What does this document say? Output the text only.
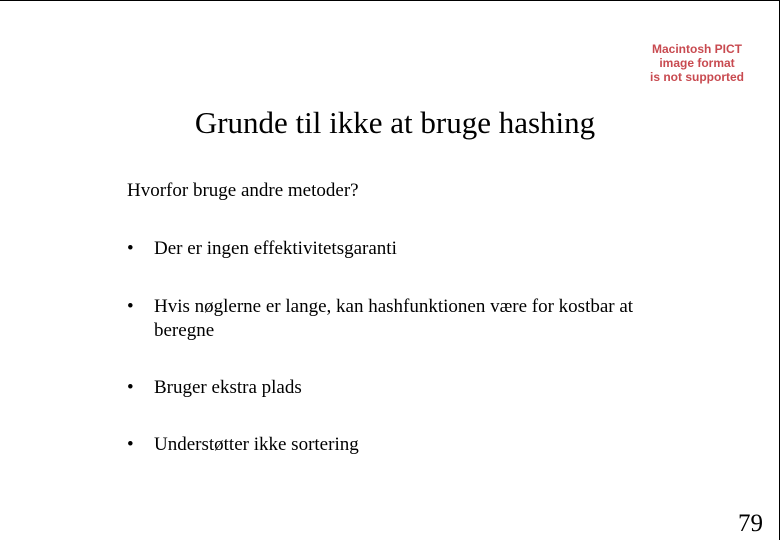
Macintosh PICT
image format
is not supported
Grunde til ikke at bruge hashing
Hvorfor bruge andre metoder?
•	Der er ingen effektivitetsgaranti
•	Hvis nøglerne er lange, kan hashfunktionen være for kostbar at beregne
•	Bruger ekstra plads
•	Understøtter ikke sortering
79
